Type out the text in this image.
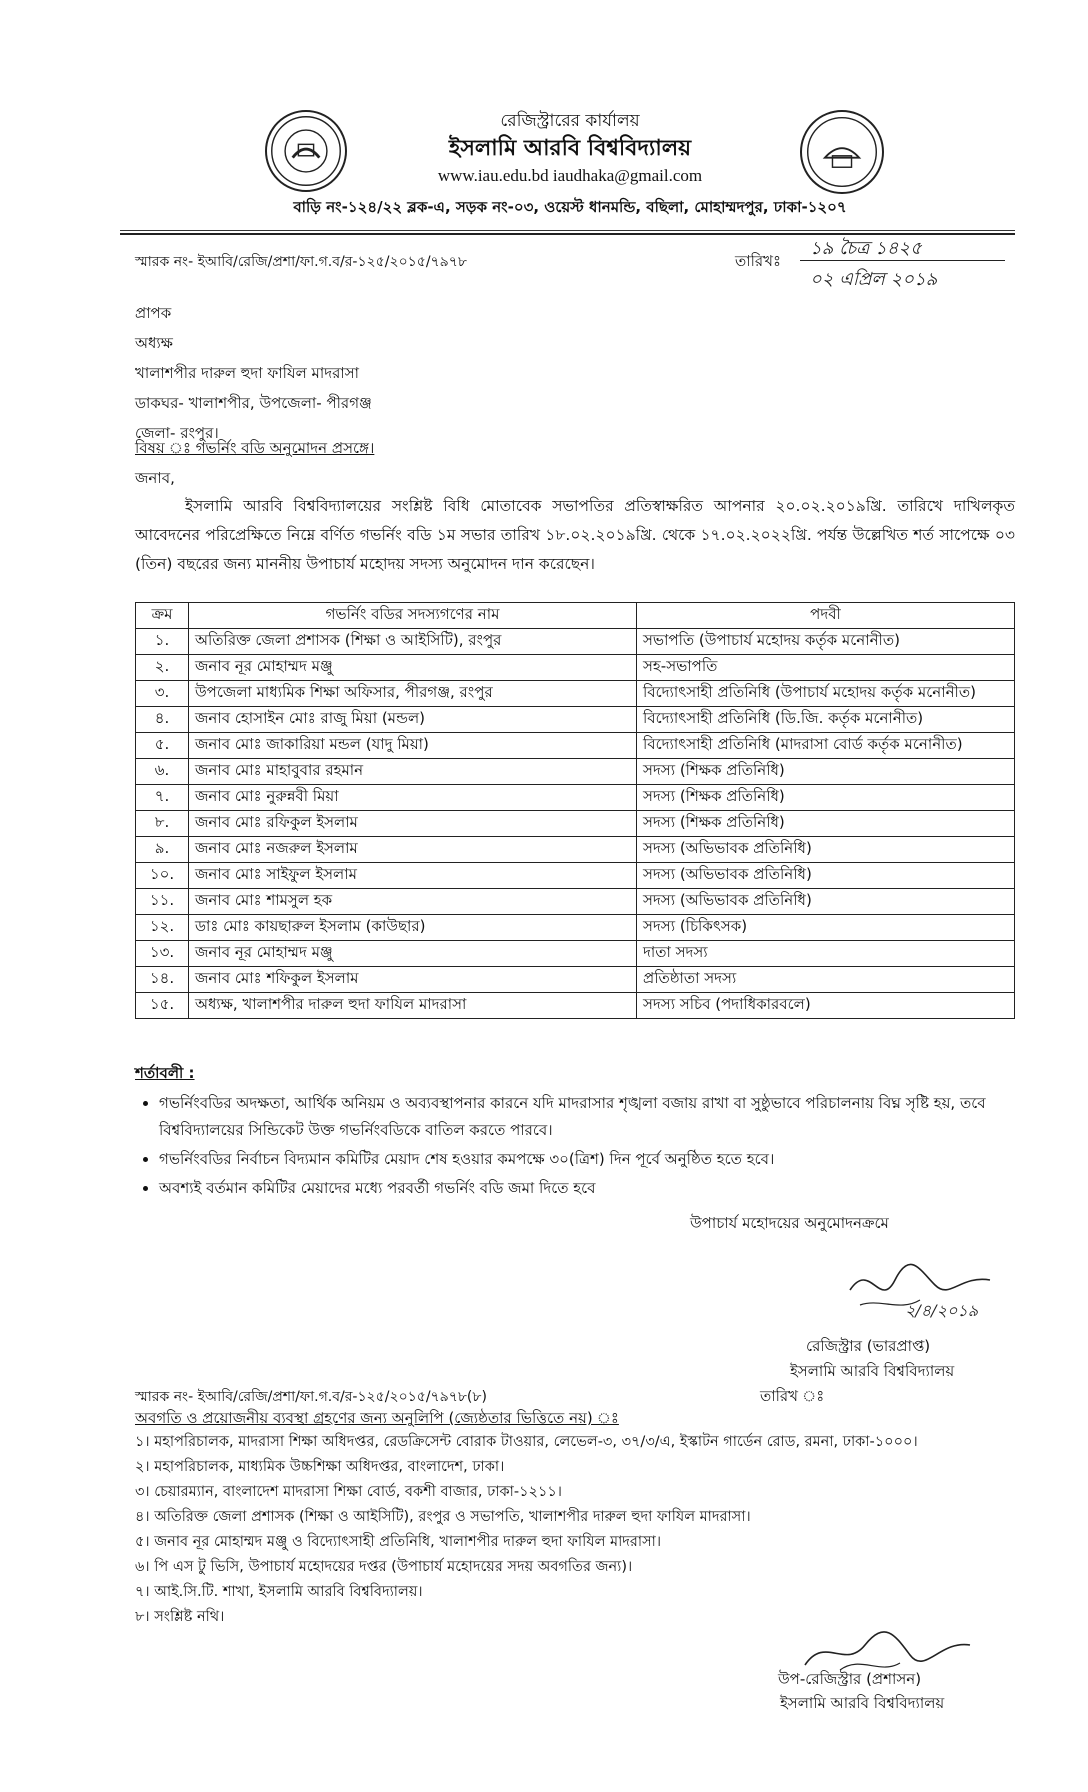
রেজিস্ট্রারের কার্যালয়
ইসলামি আরবি বিশ্ববিদ্যালয়
www.iau.edu.bd iaudhaka@gmail.com
বাড়ি নং-১২৪/২২ ব্লক-এ, সড়ক নং-০৩, ওয়েস্ট ধানমন্ডি, বছিলা, মোহাম্মদপুর, ঢাকা-১২০৭
স্মারক নং- ইআবি/রেজি/প্রশা/ফা.গ.ব/র-১২৫/২০১৫/৭৯৭৮	তারিখঃ
১৯ চৈত্র ১৪২৫
০২ এপ্রিল ২০১৯
প্রাপক
অধ্যক্ষ
খালাশপীর দারুল হুদা ফাযিল মাদরাসা
ডাকঘর- খালাশপীর, উপজেলা- পীরগঞ্জ
জেলা- রংপুর।
বিষয় ঃ গভর্নিং বডি অনুমোদন প্রসঙ্গে।
জনাব,
ইসলামি আরবি বিশ্ববিদ্যালয়ের সংশ্লিষ্ট বিধি মোতাবেক সভাপতির প্রতিস্বাক্ষরিত আপনার ২০.০২.২০১৯খ্রি. তারিখে দাখিলকৃত আবেদনের পরিপ্রেক্ষিতে নিম্নে বর্ণিত গভর্নিং বডি ১ম সভার তারিখ ১৮.০২.২০১৯খ্রি. থেকে ১৭.০২.২০২২খ্রি. পর্যন্ত উল্লেখিত শর্ত সাপেক্ষে ০৩ (তিন) বছরের জন্য মাননীয় উপাচার্য মহোদয় সদস্য অনুমোদন দান করেছেন।
ক্রম	গভর্নিং বডির সদস্যগণের নাম	পদবী
১.	অতিরিক্ত জেলা প্রশাসক (শিক্ষা ও আইসিটি), রংপুর	সভাপতি (উপাচার্য মহোদয় কর্তৃক মনোনীত)
২.	জনাব নূর মোহাম্মদ মঞ্জু	সহ-সভাপতি
৩.	উপজেলা মাধ্যমিক শিক্ষা অফিসার, পীরগঞ্জ, রংপুর	বিদ্যোৎসাহী প্রতিনিধি (উপাচার্য মহোদয় কর্তৃক মনোনীত)
৪.	জনাব হোসাইন মোঃ রাজু মিয়া (মন্ডল)	বিদ্যোৎসাহী প্রতিনিধি (ডি.জি. কর্তৃক মনোনীত)
৫.	জনাব মোঃ জাকারিয়া মন্ডল (যাদু মিয়া)	বিদ্যোৎসাহী প্রতিনিধি (মাদরাসা বোর্ড কর্তৃক মনোনীত)
৬.	জনাব মোঃ মাহাবুবার রহমান	সদস্য (শিক্ষক প্রতিনিধি)
৭.	জনাব মোঃ নুরুন্নবী মিয়া	সদস্য (শিক্ষক প্রতিনিধি)
৮.	জনাব মোঃ রফিকুল ইসলাম	সদস্য (শিক্ষক প্রতিনিধি)
৯.	জনাব মোঃ নজরুল ইসলাম	সদস্য (অভিভাবক প্রতিনিধি)
১০.	জনাব মোঃ সাইফুল ইসলাম	সদস্য (অভিভাবক প্রতিনিধি)
১১.	জনাব মোঃ শামসুল হক	সদস্য (অভিভাবক প্রতিনিধি)
১২.	ডাঃ মোঃ কায়ছারুল ইসলাম (কাউছার)	সদস্য (চিকিৎসক)
১৩.	জনাব নূর মোহাম্মদ মঞ্জু	দাতা সদস্য
১৪.	জনাব মোঃ শফিকুল ইসলাম	প্রতিষ্ঠাতা সদস্য
১৫.	অধ্যক্ষ, খালাশপীর দারুল হুদা ফাযিল মাদরাসা	সদস্য সচিব (পদাধিকারবলে)
শর্তাবলী :
• গভর্নিংবডির অদক্ষতা, আর্থিক অনিয়ম ও অব্যবস্থাপনার কারনে যদি মাদরাসার শৃঙ্খলা বজায় রাখা বা সুষ্ঠুভাবে পরিচালনায় বিঘ্ন সৃষ্টি হয়, তবে বিশ্ববিদ্যালয়ের সিন্ডিকেট উক্ত গভর্নিংবডিকে বাতিল করতে পারবে।
• গভর্নিংবডির নির্বাচন বিদ্যমান কমিটির মেয়াদ শেষ হওয়ার কমপক্ষে ৩০(ত্রিশ) দিন পূর্বে অনুষ্ঠিত হতে হবে।
• অবশ্যই বর্তমান কমিটির মেয়াদের মধ্যে পরবর্তী গভর্নিং বডি জমা দিতে হবে
উপাচার্য মহোদয়ের অনুমোদনক্রমে
২/৪/২০১৯
রেজিস্ট্রার (ভারপ্রাপ্ত)
ইসলামি আরবি বিশ্ববিদ্যালয়
স্মারক নং- ইআবি/রেজি/প্রশা/ফা.গ.ব/র-১২৫/২০১৫/৭৯৭৮(৮)	তারিখ ঃ
অবগতি ও প্রয়োজনীয় ব্যবস্থা গ্রহণের জন্য অনুলিপি (জ্যেষ্ঠতার ভিত্তিতে নয়) ঃ
১। মহাপরিচালক, মাদরাসা শিক্ষা অধিদপ্তর, রেডক্রিসেন্ট বোরাক টাওয়ার, লেভেল-৩, ৩৭/৩/এ, ইস্কাটন গার্ডেন রোড, রমনা, ঢাকা-১০০০।
২। মহাপরিচালক, মাধ্যমিক উচ্চশিক্ষা অধিদপ্তর, বাংলাদেশ, ঢাকা।
৩। চেয়ারম্যান, বাংলাদেশ মাদরাসা শিক্ষা বোর্ড, বকশী বাজার, ঢাকা-১২১১।
৪। অতিরিক্ত জেলা প্রশাসক (শিক্ষা ও আইসিটি), রংপুর ও সভাপতি, খালাশপীর দারুল হুদা ফাযিল মাদরাসা।
৫। জনাব নূর মোহাম্মদ মঞ্জু ও বিদ্যোৎসাহী প্রতিনিধি, খালাশপীর দারুল হুদা ফাযিল মাদরাসা।
৬। পি এস টু ভিসি, উপাচার্য মহোদয়ের দপ্তর (উপাচার্য মহোদয়ের সদয় অবগতির জন্য)।
৭। আই.সি.টি. শাখা, ইসলামি আরবি বিশ্ববিদ্যালয়।
৮। সংশ্লিষ্ট নথি।
উপ-রেজিস্ট্রার (প্রশাসন)
ইসলামি আরবি বিশ্ববিদ্যালয়
